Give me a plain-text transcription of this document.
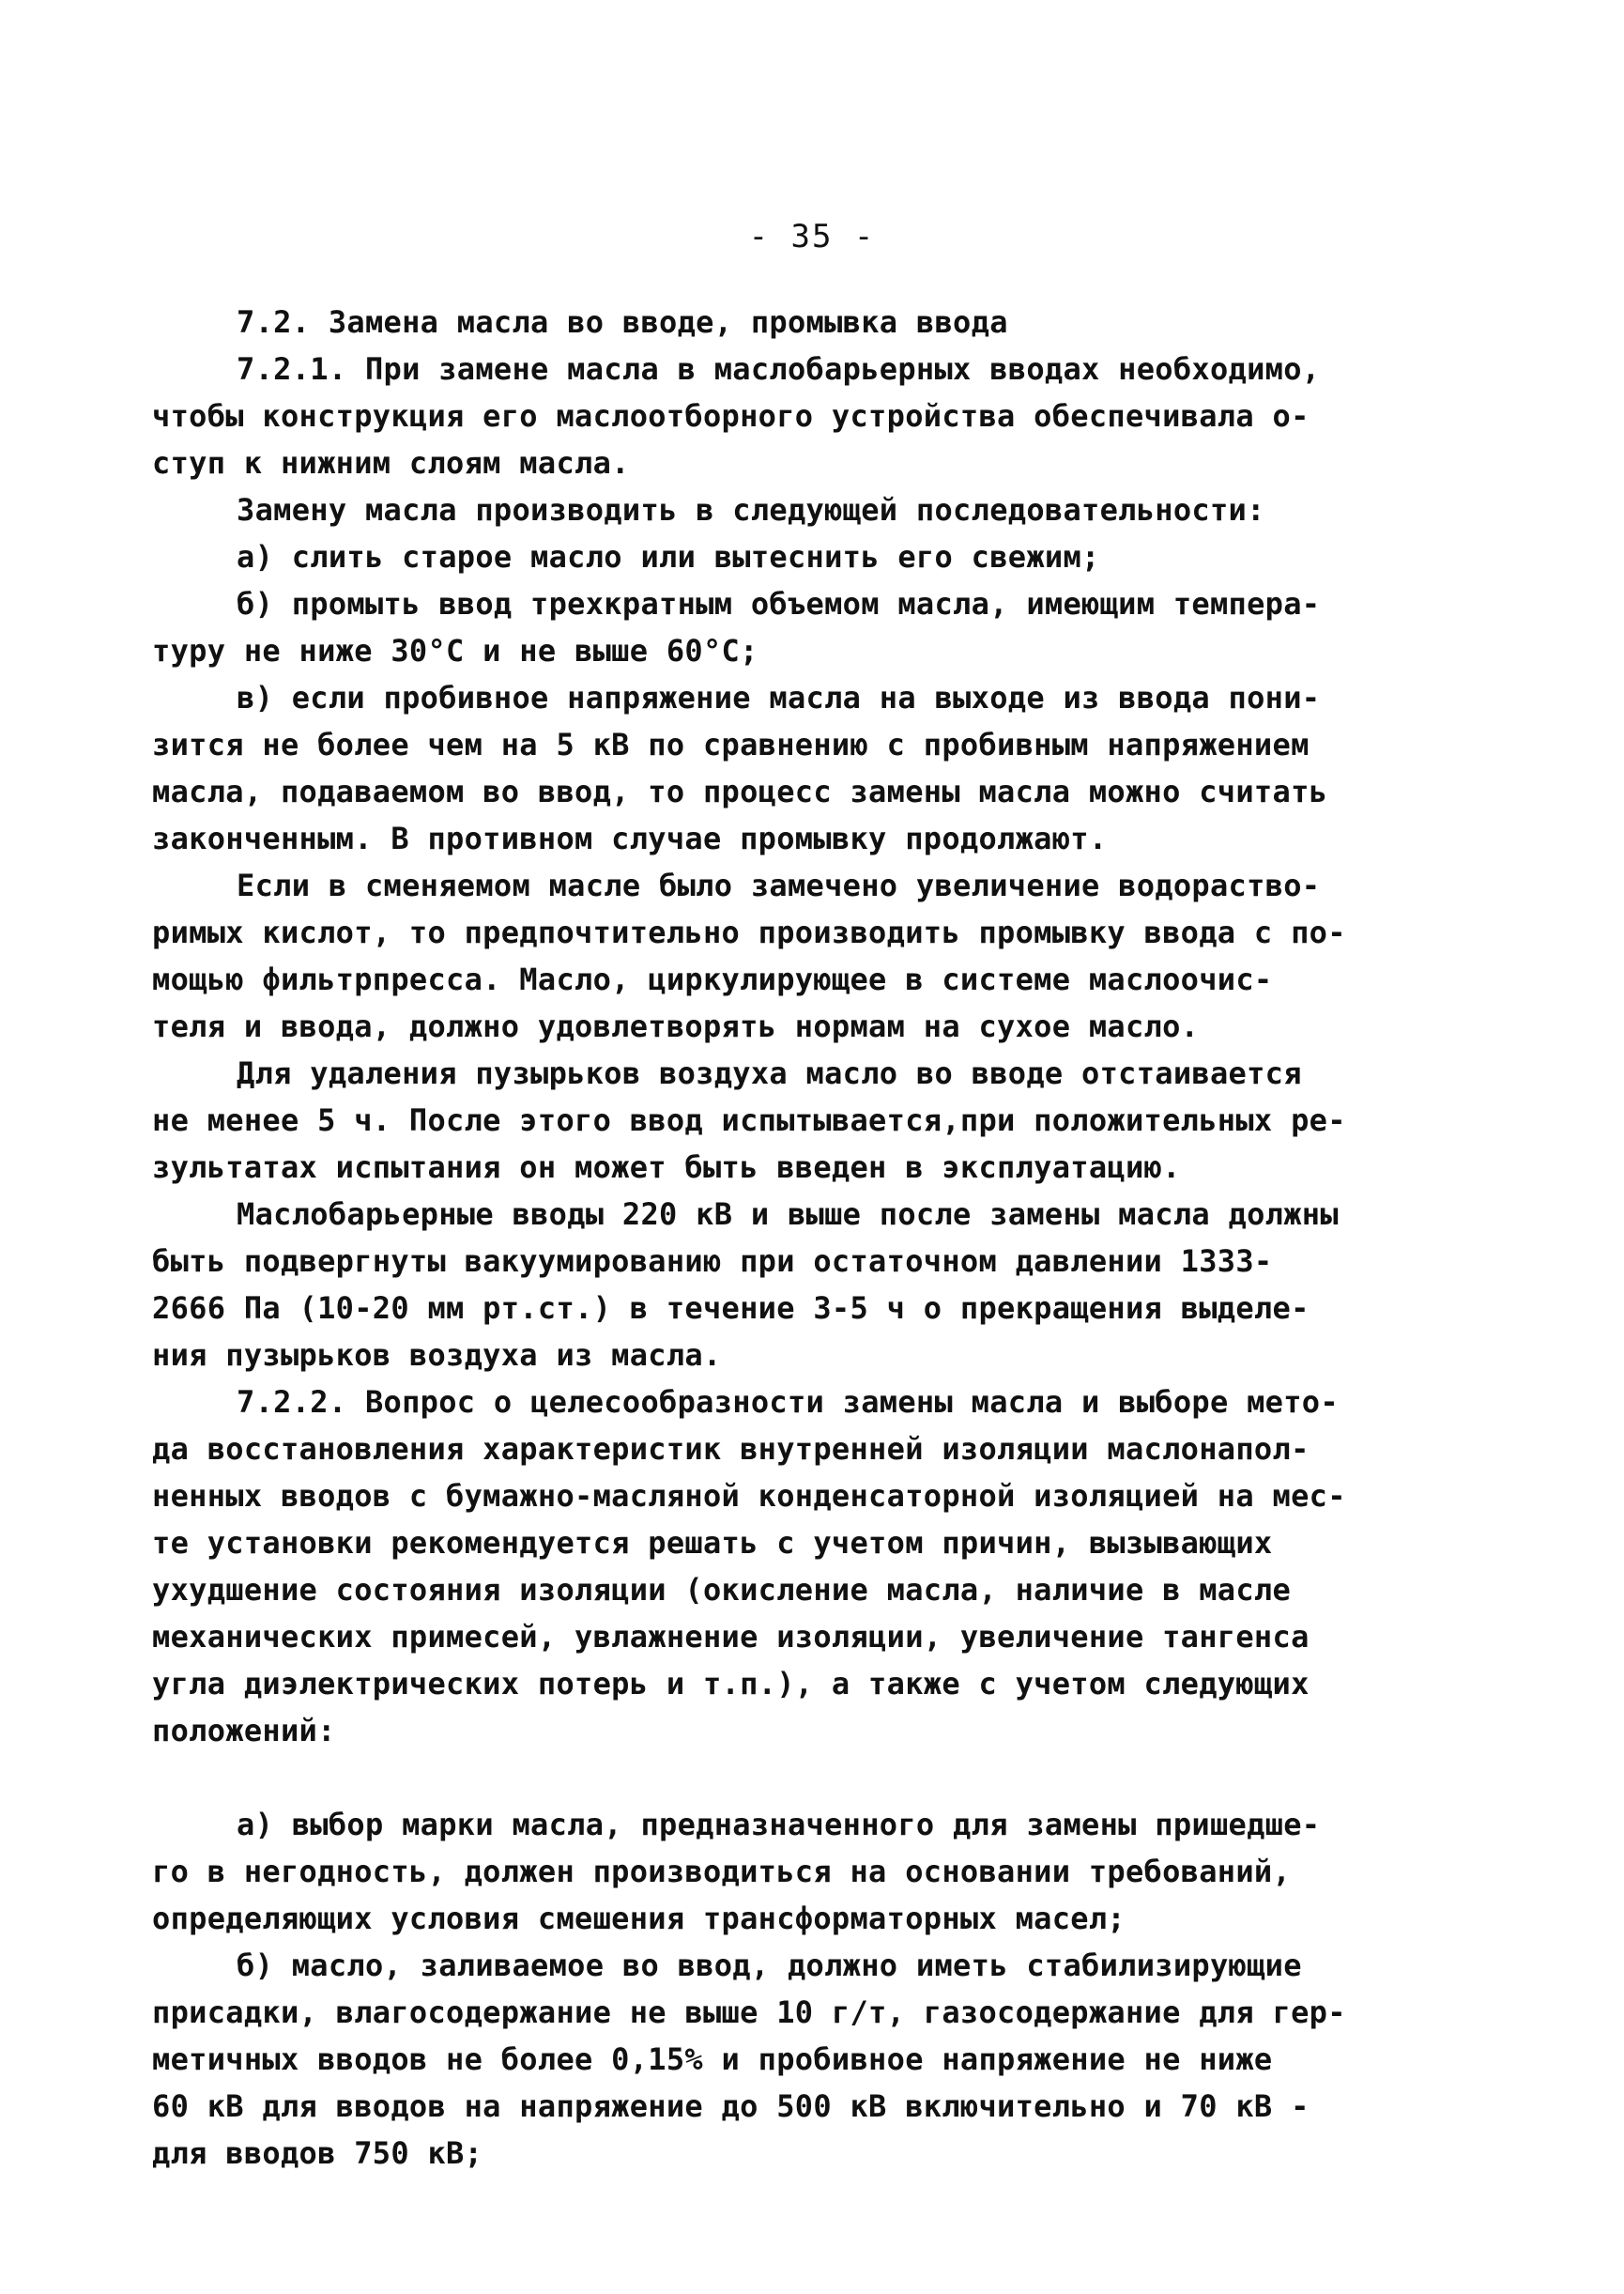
- 35 -
7.2. Замена масла во вводе, промывка ввода
7.2.1. При замене масла в маслобарьерных вводах необходимо,
чтобы конструкция его маслоотборного устройства обеспечивала о-
ступ к нижним слоям масла.
Замену масла производить в следующей последовательности:
а) слить старое масло или вытеснить его свежим;
б) промыть ввод трехкратным объемом масла, имеющим темпера-
туру не ниже 30°С и не выше 60°С;
в) если пробивное напряжение масла на выходе из ввода пони-
зится не более чем на 5 кВ по сравнению с пробивным напряжением
масла, подаваемом во ввод, то процесс замены масла можно считать
законченным. В противном случае промывку продолжают.
Если в сменяемом масле было замечено увеличение водораство-
римых кислот, то предпочтительно производить промывку ввода с по-
мощью фильтрпресса. Масло, циркулирующее в системе маслоочис-
теля и ввода, должно удовлетворять нормам на сухое масло.
Для удаления пузырьков воздуха масло во вводе отстаивается
не менее 5 ч. После этого ввод испытывается,при положительных ре-
зультатах испытания он может быть введен в эксплуатацию.
Маслобарьерные вводы 220 кВ и выше после замены масла должны
быть подвергнуты вакуумированию при остаточном давлении 1333-
2666 Па (10-20 мм рт.ст.) в течение 3-5 ч о прекращения выделе-
ния пузырьков воздуха из масла.
7.2.2. Вопрос о целесообразности замены масла и выборе мето-
да восстановления характеристик внутренней изоляции маслонапол-
ненных вводов с бумажно-масляной конденсаторной изоляцией на мес-
те установки рекомендуется решать с учетом причин, вызывающих
ухудшение состояния изоляции (окисление масла, наличие в масле
механических примесей, увлажнение изоляции, увеличение тангенса
угла диэлектрических потерь и т.п.), а также с учетом следующих
положений:
а) выбор марки масла, предназначенного для замены пришедше-
го в негодность, должен производиться на основании требований,
определяющих условия смешения трансформаторных масел;
б) масло, заливаемое во ввод, должно иметь стабилизирующие
присадки, влагосодержание не выше 10 г/т, газосодержание для гер-
метичных вводов не более 0,15% и пробивное напряжение не ниже
60 кВ для вводов на напряжение до 500 кВ включительно и 70 кВ -
для вводов 750 кВ;
